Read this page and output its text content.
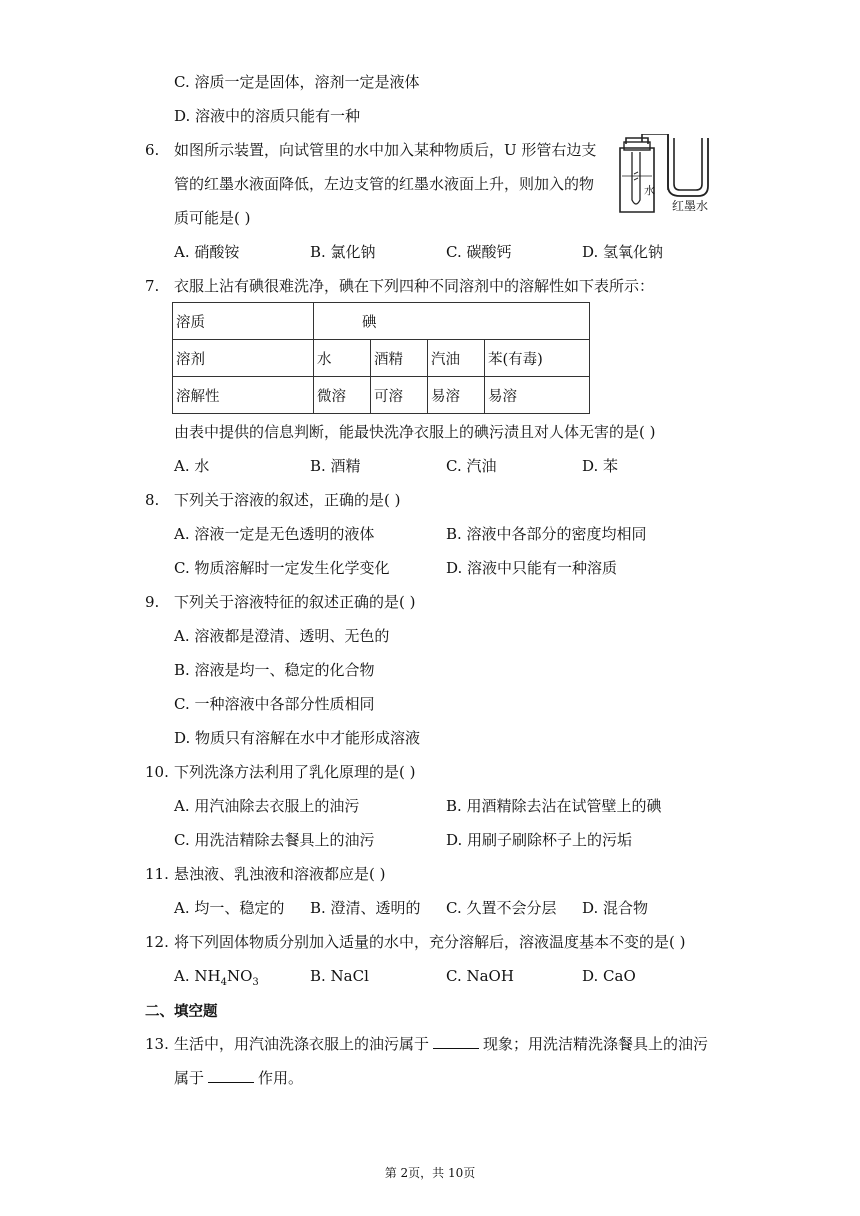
C. 溶质一定是固体，溶剂一定是液体
D. 溶液中的溶质只能有一种
6. 如图所示装置，向试管里的水中加入某种物质后，U 形管右边支
管的红墨水液面降低，左边支管的红墨水液面上升，则加入的物
质可能是( )
水
红墨水
A. 硝酸铵	B. 氯化钠	C. 碳酸钙	D. 氢氧化钠
7. 衣服上沾有碘很难洗净，碘在下列四种不同溶剂中的溶解性如下表所示：
溶质	碘			
溶剂	水	酒精	汽油	苯(有毒)
溶解性	微溶	可溶	易溶	易溶
由表中提供的信息判断，能最快洗净衣服上的碘污渍且对人体无害的是( )
A. 水	B. 酒精	C. 汽油	D. 苯
8. 下列关于溶液的叙述，正确的是( )
A. 溶液一定是无色透明的液体	B. 溶液中各部分的密度均相同
C. 物质溶解时一定发生化学变化	D. 溶液中只能有一种溶质
9. 下列关于溶液特征的叙述正确的是( )
A. 溶液都是澄清、透明、无色的
B. 溶液是均一、稳定的化合物
C. 一种溶液中各部分性质相同
D. 物质只有溶解在水中才能形成溶液
10. 下列洗涤方法利用了乳化原理的是( )
A. 用汽油除去衣服上的油污	B. 用酒精除去沾在试管壁上的碘
C. 用洗洁精除去餐具上的油污	D. 用刷子刷除杯子上的污垢
11. 悬浊液、乳浊液和溶液都应是( )
A. 均一、稳定的 B. 澄清、透明的 C. 久置不会分层 D. 混合物
12. 将下列固体物质分别加入适量的水中，充分溶解后，溶液温度基本不变的是( )
A. $NH_4NO_3$	B. NaCl	C. NaOH	D. CaO
二、填空题
13. 生活中，用汽油洗涤衣服上的油污属于	现象；用洗洁精洗涤餐具上的油污
属于	作用。
第 2页，共 10页
